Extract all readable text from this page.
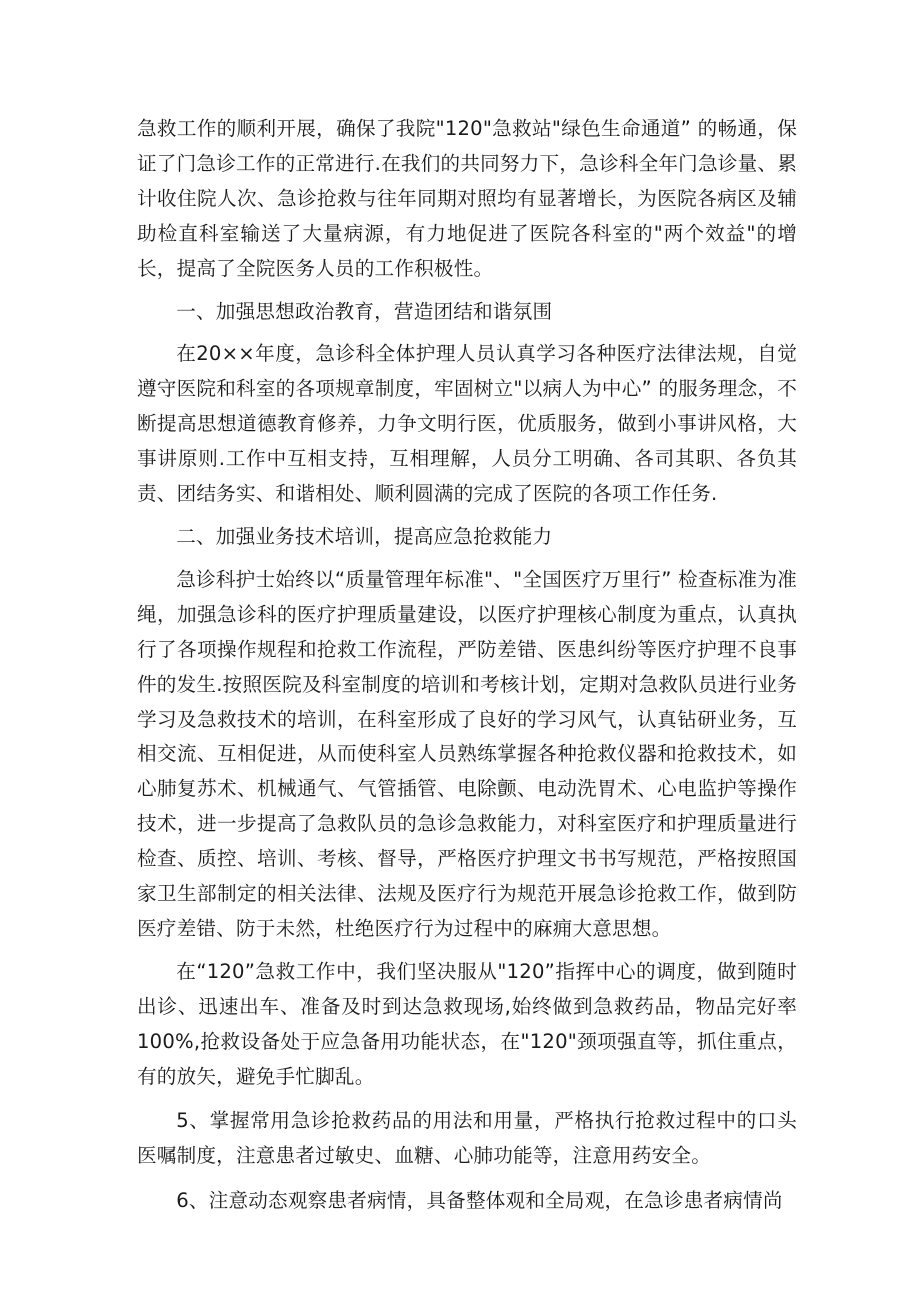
急救工作的顺利开展，确保了我院"120"急救站"绿色生命通道” 的畅通，保证了门急诊工作的正常进行.在我们的共同努力下，急诊科全年门急诊量、累计收住院人次、急诊抢救与往年同期对照均有显著增长，为医院各病区及辅助检直科室输送了大量病源，有力地促进了医院各科室的"两个效益"的增长，提高了全院医务人员的工作积极性。

一、加强思想政治教育，营造团结和谐氛围

在20××年度，急诊科全体护理人员认真学习各种医疗法律法规，自觉遵守医院和科室的各项规章制度，牢固树立"以病人为中心” 的服务理念，不断提高思想道德教育修养，力争文明行医，优质服务，做到小事讲风格，大事讲原则.工作中互相支持，互相理解，人员分工明确、各司其职、各负其责、团结务实、和谐相处、顺利圆满的完成了医院的各项工作任务.

二、加强业务技术培训，提高应急抢救能力

急诊科护士始终以“质量管理年标准"、"全国医疗万里行” 检查标准为准绳，加强急诊科的医疗护理质量建设，以医疗护理核心制度为重点，认真执行了各项操作规程和抢救工作流程，严防差错、医患纠纷等医疗护理不良事件的发生.按照医院及科室制度的培训和考核计划，定期对急救队员进行业务学习及急救技术的培训，在科室形成了良好的学习风气，认真钻研业务，互相交流、互相促进，从而使科室人员熟练掌握各种抢救仪器和抢救技术，如心肺复苏术、机械通气、气管插管、电除颤、电动洗胃术、心电监护等操作技术，进一步提高了急救队员的急诊急救能力，对科室医疗和护理质量进行检查、质控、培训、考核、督导，严格医疗护理文书书写规范，严格按照国家卫生部制定的相关法律、法规及医疗行为规范开展急诊抢救工作，做到防医疗差错、防于未然，杜绝医疗行为过程中的麻痈大意思想。

在“120”急救工作中，我们坚决服从"120”指挥中心的调度，做到随时出诊、迅速出车、准备及时到达急救现场,始终做到急救药品，物品完好率100%,抢救设备处于应急备用功能状态，在"120"颈项强直等，抓住重点，有的放矢，避免手忙脚乱。

5、掌握常用急诊抢救药品的用法和用量，严格执行抢救过程中的口头医嘱制度，注意患者过敏史、血糖、心肺功能等，注意用药安全。

6、注意动态观察患者病情，具备整体观和全局观，在急诊患者病情尚
